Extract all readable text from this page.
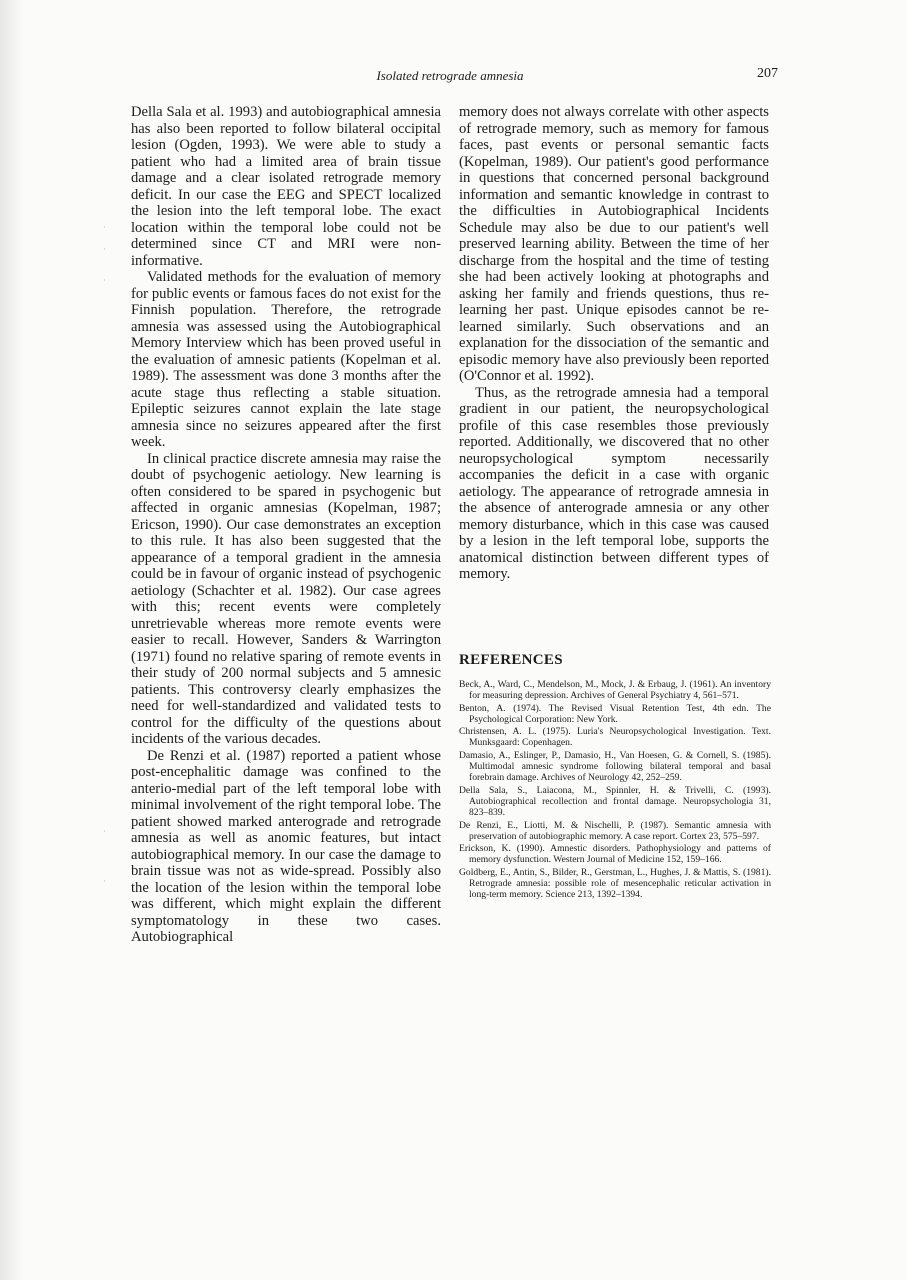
·
·
·
·
·
Isolated retrograde amnesia	207

Della Sala et al. 1993) and autobiographical amnesia has also been reported to follow bilateral occipital lesion (Ogden, 1993). We were able to study a patient who had a limited area of brain tissue damage and a clear isolated retrograde memory deficit. In our case the EEG and SPECT localized the lesion into the left temporal lobe. The exact location within the temporal lobe could not be determined since CT and MRI were non-informative.

Validated methods for the evaluation of memory for public events or famous faces do not exist for the Finnish population. Therefore, the retrograde amnesia was assessed using the Autobiographical Memory Interview which has been proved useful in the evaluation of amnesic patients (Kopelman et al. 1989). The assessment was done 3 months after the acute stage thus reflecting a stable situation. Epileptic seizures cannot explain the late stage amnesia since no seizures appeared after the first week.

In clinical practice discrete amnesia may raise the doubt of psychogenic aetiology. New learning is often considered to be spared in psychogenic but affected in organic amnesias (Kopelman, 1987; Ericson, 1990). Our case demonstrates an exception to this rule. It has also been suggested that the appearance of a temporal gradient in the amnesia could be in favour of organic instead of psychogenic aetiology (Schachter et al. 1982). Our case agrees with this; recent events were completely unretrievable whereas more remote events were easier to recall. However, Sanders & Warrington (1971) found no relative sparing of remote events in their study of 200 normal subjects and 5 amnesic patients. This controversy clearly emphasizes the need for well-standardized and validated tests to control for the difficulty of the questions about incidents of the various decades.

De Renzi et al. (1987) reported a patient whose post-encephalitic damage was confined to the anterio-medial part of the left temporal lobe with minimal involvement of the right temporal lobe. The patient showed marked anterograde and retrograde amnesia as well as anomic features, but intact autobiographical memory. In our case the damage to brain tissue was not as wide-spread. Possibly also the location of the lesion within the temporal lobe was different, which might explain the different symptomatology in these two cases. Autobiographical

memory does not always correlate with other aspects of retrograde memory, such as memory for famous faces, past events or personal semantic facts (Kopelman, 1989). Our patient's good performance in questions that concerned personal background information and semantic knowledge in contrast to the difficulties in Autobiographical Incidents Schedule may also be due to our patient's well preserved learning ability. Between the time of her discharge from the hospital and the time of testing she had been actively looking at photographs and asking her family and friends questions, thus re-learning her past. Unique episodes cannot be re-learned similarly. Such observations and an explanation for the dissociation of the semantic and episodic memory have also previously been reported (O'Connor et al. 1992).

Thus, as the retrograde amnesia had a temporal gradient in our patient, the neuropsychological profile of this case resembles those previously reported. Additionally, we discovered that no other neuropsychological symptom necessarily accompanies the deficit in a case with organic aetiology. The appearance of retrograde amnesia in the absence of anterograde amnesia or any other memory disturbance, which in this case was caused by a lesion in the left temporal lobe, supports the anatomical distinction between different types of memory.

REFERENCES

Beck, A., Ward, C., Mendelson, M., Mock, J. & Erbaug, J. (1961). An inventory for measuring depression. Archives of General Psychiatry 4, 561–571.

Benton, A. (1974). The Revised Visual Retention Test, 4th edn. The Psychological Corporation: New York.

Christensen, A. L. (1975). Luria's Neuropsychological Investigation. Text. Munksgaard: Copenhagen.

Damasio, A., Eslinger, P., Damasio, H., Van Hoesen, G. & Cornell, S. (1985). Multimodal amnesic syndrome following bilateral temporal and basal forebrain damage. Archives of Neurology 42, 252–259.

Della Sala, S., Laiacona, M., Spinnler, H. & Trivelli, C. (1993). Autobiographical recollection and frontal damage. Neuropsychologia 31, 823–839.

De Renzi, E., Liotti, M. & Nischelli, P. (1987). Semantic amnesia with preservation of autobiographic memory. A case report. Cortex 23, 575–597.

Erickson, K. (1990). Amnestic disorders. Pathophysiology and patterns of memory dysfunction. Western Journal of Medicine 152, 159–166.

Goldberg, E., Antin, S., Bilder, R., Gerstman, L., Hughes, J. & Mattis, S. (1981). Retrograde amnesia: possible role of mesencephalic reticular activation in long-term memory. Science 213, 1392–1394.
